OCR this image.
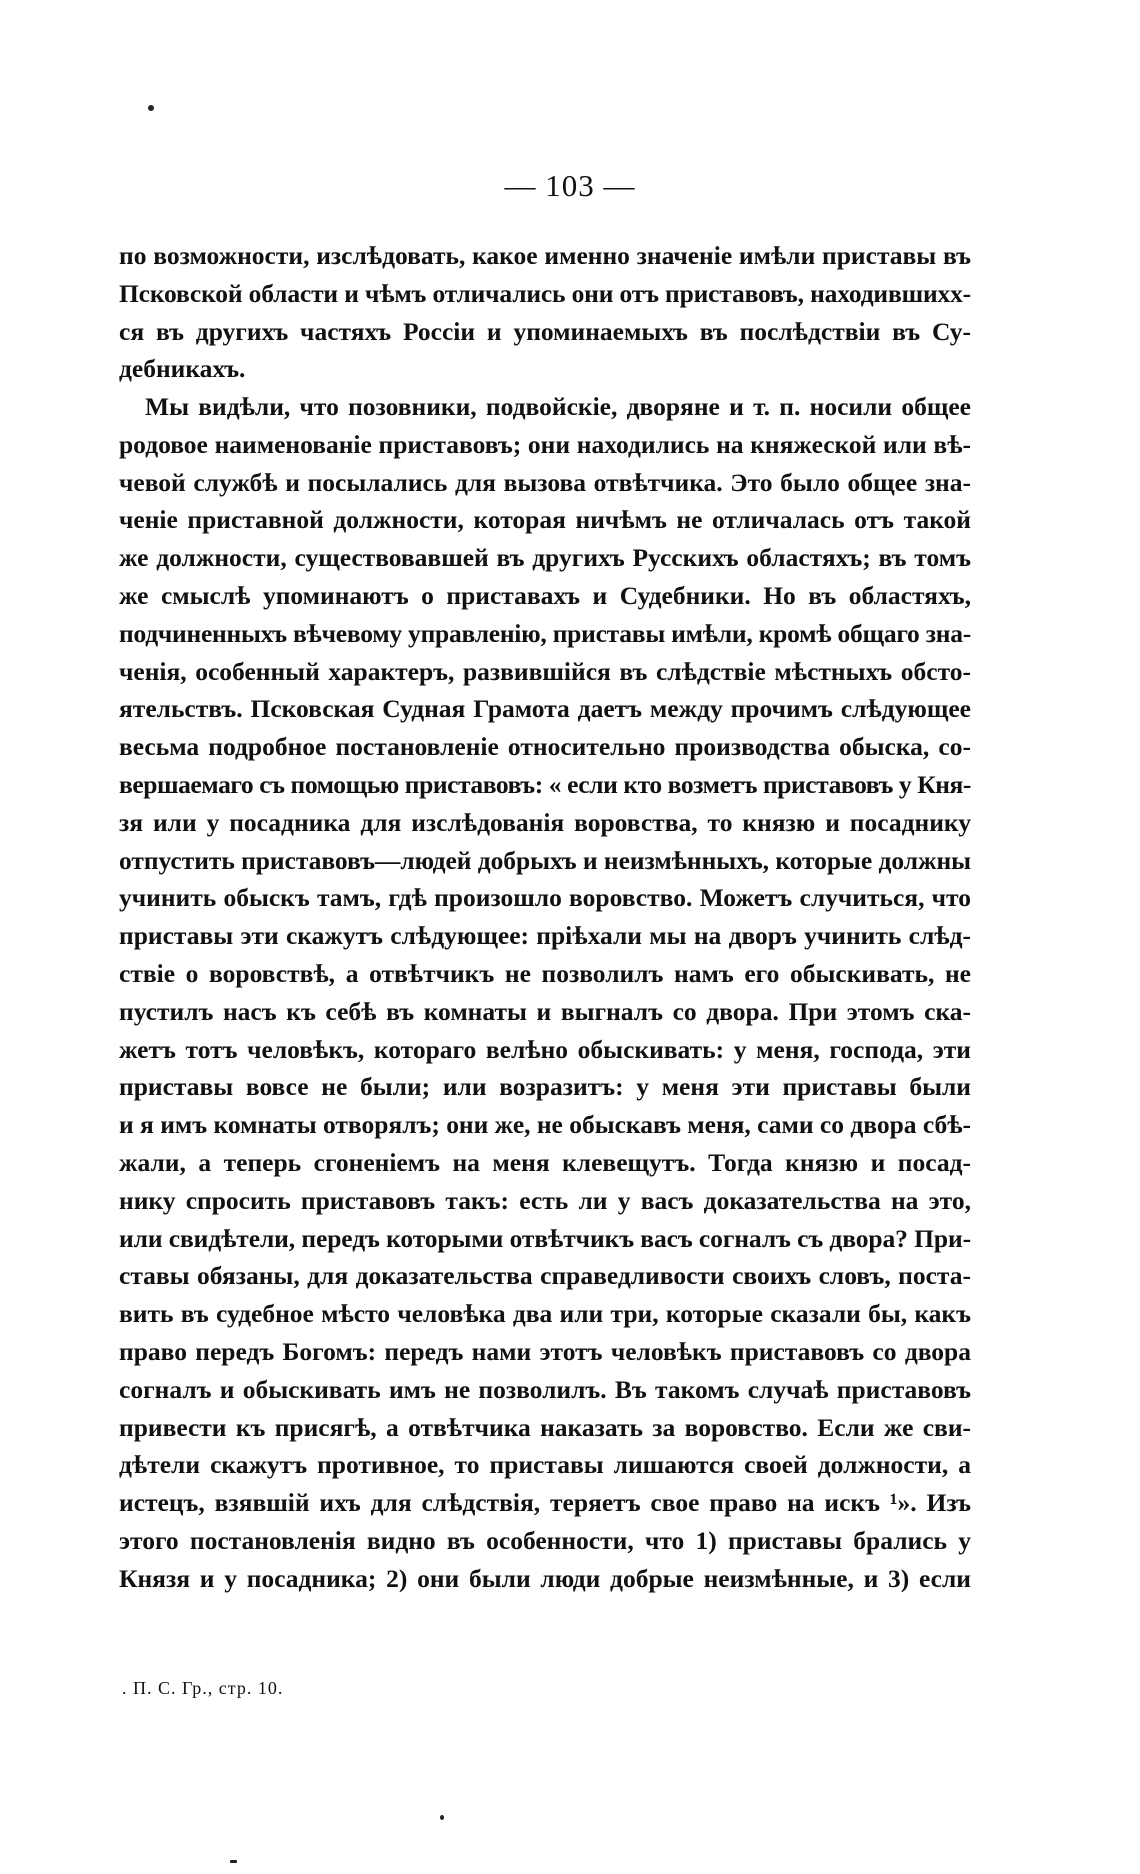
— 103 —
по возможности, изслѣдовать, какое именно значеніе имѣли приставы въ
Псковской области и чѣмъ отличались они отъ приставовъ, находившихх-
ся въ другихъ частяхъ Россіи и упоминаемыхъ въ послѣдствіи въ Су-
дебникахъ.
Мы видѣли, что позовники, подвойскіе, дворяне и т. п. носили общее
родовое наименованіе приставовъ; они находились на княжеской или вѣ-
чевой службѣ и посылались для вызова отвѣтчика. Это было общее зна-
ченіе приставной должности, которая ничѣмъ не отличалась отъ такой
же должности, существовавшей въ другихъ Русскихъ областяхъ; въ томъ
же смыслѣ упоминаютъ о приставахъ и Судебники. Но въ областяхъ,
подчиненныхъ вѣчевому управленію, приставы имѣли, кромѣ общаго зна-
ченія, особенный характеръ, развившійся въ слѣдствіе мѣстныхъ обсто-
ятельствъ. Псковская Судная Грамота даетъ между прочимъ слѣдующее
весьма подробное постановленіе относительно производства обыска, со-
вершаемаго съ помощью приставовъ: « если кто возметъ приставовъ у Кня-
зя или у посадника для изслѣдованія воровства, то князю и посаднику
отпустить приставовъ—людей добрыхъ и неизмѣнныхъ, которые должны
учинить обыскъ тамъ, гдѣ произошло воровство. Можетъ случиться, что
приставы эти скажутъ слѣдующее: пріѣхали мы на дворъ учинить слѣд-
ствіе о воровствѣ, а отвѣтчикъ не позволилъ намъ его обыскивать, не
пустилъ насъ къ себѣ въ комнаты и выгналъ со двора. При этомъ ска-
жетъ тотъ человѣкъ, котораго велѣно обыскивать: у меня, господа, эти
приставы вовсе не были; или возразитъ: у меня эти приставы были
и я имъ комнаты отворялъ; они же, не обыскавъ меня, сами со двора сбѣ-
жали, а теперь сгоненіемъ на меня клевещутъ. Тогда князю и посад-
нику спросить приставовъ такъ: есть ли у васъ доказательства на это,
или свидѣтели, передъ которыми отвѣтчикъ васъ согналъ съ двора? При-
ставы обязаны, для доказательства справедливости своихъ словъ, поста-
вить въ судебное мѣсто человѣка два или три, которые сказали бы, какъ
право передъ Богомъ: передъ нами этотъ человѣкъ приставовъ со двора
согналъ и обыскивать имъ не позволилъ. Въ такомъ случаѣ приставовъ
привести къ присягѣ, а отвѣтчика наказать за воровство. Если же сви-
дѣтели скажутъ противное, то приставы лишаются своей должности, а
истецъ, взявшій ихъ для слѣдствія, теряетъ свое право на искъ ¹». Изъ
этого постановленія видно въ особенности, что 1) приставы брались у
Князя и у посадника; 2) они были люди добрые неизмѣнные, и 3) если
. П. С. Гр., стр. 10.
